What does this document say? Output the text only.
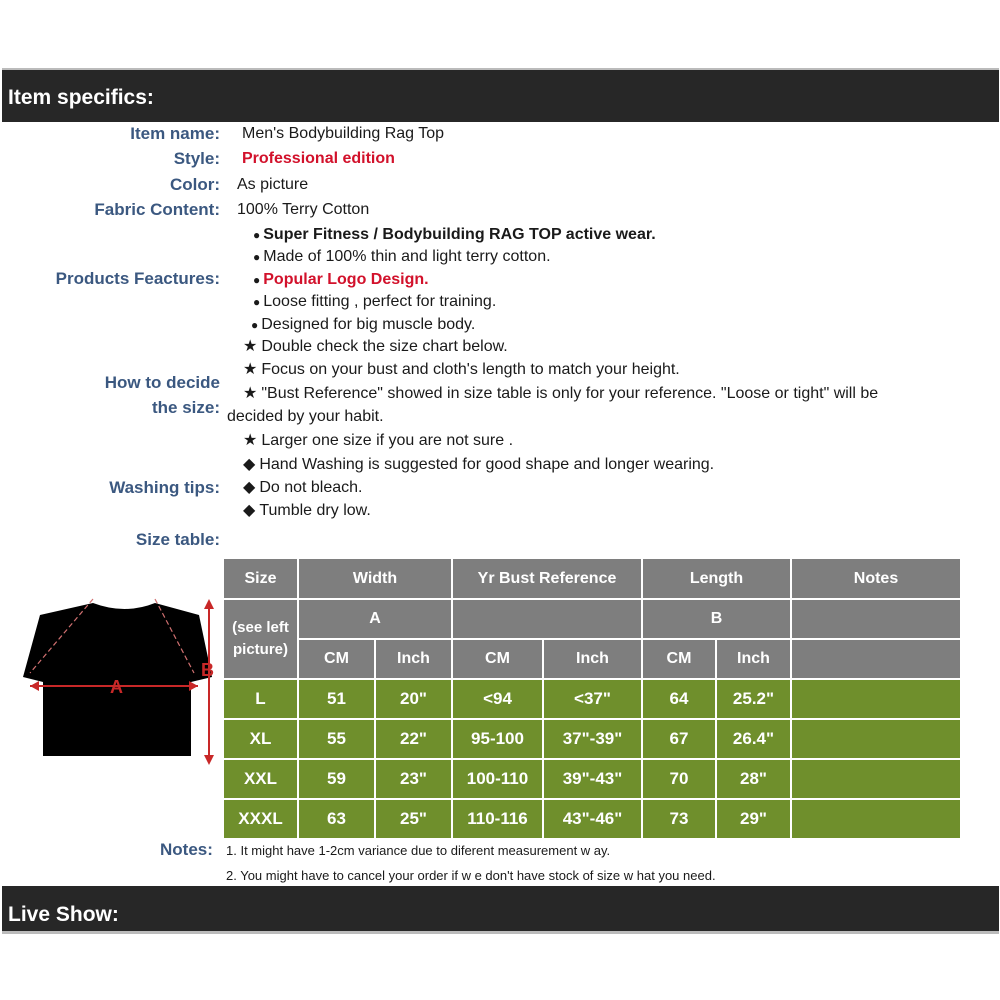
Item specifics:
Item name: Men's Bodybuilding Rag Top
Style: Professional edition
Color: As picture
Fabric Content: 100% Terry Cotton
Products Feactures:
● Super Fitness / Bodybuilding RAG TOP active wear.
● Made of 100% thin and light terry cotton.
● Popular Logo Design.
● Loose fitting , perfect for training.
● Designed for big muscle body.
How to decide
the size:
★ Double check the size chart below.
★ Focus on your bust and cloth's length to match your height.
★ "Bust Reference" showed in size table is only for your reference. "Loose or tight" will be
decided by your habit.
★ Larger one size if you are not sure .
Washing tips:
◆ Hand Washing is suggested for good shape and longer wearing.
◆ Do not bleach.
◆ Tumble dry low.
Size table:
A
B
Size	Width		Yr Bust Reference		Length		Notes
(see left picture)	A				B		
	CM	Inch	CM	Inch	CM	Inch	
L	51	20"	<94	<37"	64	25.2"	
XL	55	22"	95-100	37"-39"	67	26.4"	
XXL	59	23"	100-110	39"-43"	70	28"	
XXXL	63	25"	110-116	43"-46"	73	29"	
Notes: 1. It might have 1-2cm variance due to diferent measurement w ay.
2. You might have to cancel your order if w e don't have stock of size w hat you need.
Live Show:
